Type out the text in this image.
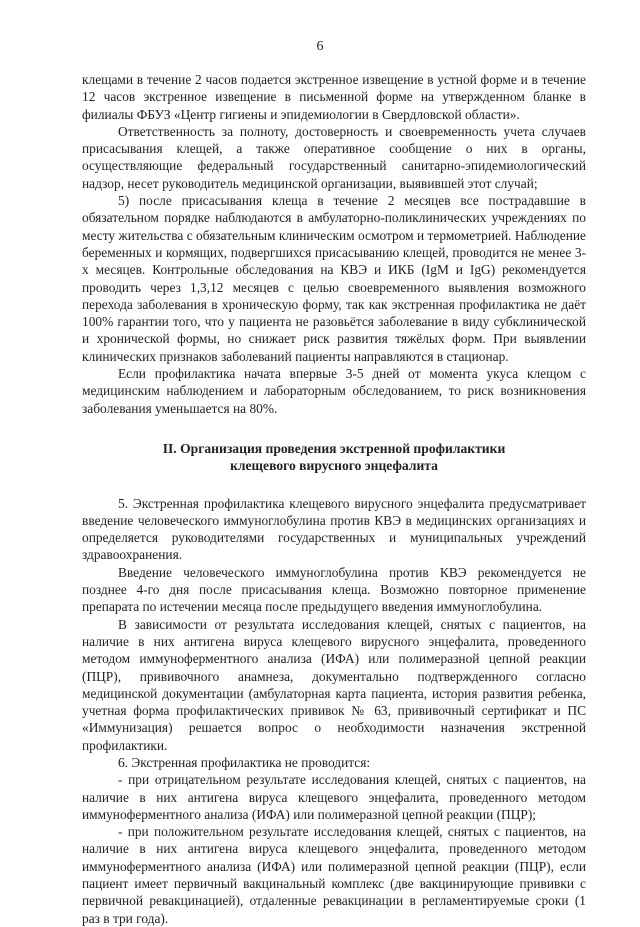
6

клещами в течение 2 часов подается экстренное извещение в устной форме и в течение 12 часов экстренное извещение в письменной форме на утвержденном бланке в филиалы ФБУЗ «Центр гигиены и эпидемиологии в Свердловской области».

Ответственность за полноту, достоверность и своевременность учета случаев присасывания клещей, а также оперативное сообщение о них в органы, осуществляющие федеральный государственный санитарно-эпидемиологический надзор, несет руководитель медицинской организации, выявившей этот случай;

5) после присасывания клеща в течение 2 месяцев все пострадавшие в обязательном порядке наблюдаются в амбулаторно-поликлинических учреждениях по месту жительства с обязательным клиническим осмотром и термометрией. Наблюдение беременных и кормящих, подвергшихся присасыванию клещей, проводится не менее 3-х месяцев. Контрольные обследования на КВЭ и ИКБ (IgM и IgG) рекомендуется проводить через 1,3,12 месяцев с целью своевременного выявления возможного перехода заболевания в хроническую форму, так как экстренная профилактика не даёт 100% гарантии того, что у пациента не разовьётся заболевание в виду субклинической и хронической формы, но снижает риск развития тяжёлых форм. При выявлении клинических признаков заболеваний пациенты направляются в стационар.

Если профилактика начата впервые 3-5 дней от момента укуса клещом с медицинским наблюдением и лабораторным обследованием, то риск возникновения заболевания уменьшается на 80%.

II. Организация проведения экстренной профилактики
клещевого вирусного энцефалита

5. Экстренная профилактика клещевого вирусного энцефалита предусматривает введение человеческого иммуноглобулина против КВЭ в медицинских организациях и определяется руководителями государственных и муниципальных учреждений здравоохранения.

Введение человеческого иммуноглобулина против КВЭ рекомендуется не позднее 4-го дня после присасывания клеща. Возможно повторное применение препарата по истечении месяца после предыдущего введения иммуноглобулина.

В зависимости от результата исследования клещей, снятых с пациентов, на наличие в них антигена вируса клещевого вирусного энцефалита, проведенного методом иммуноферментного анализа (ИФА) или полимеразной цепной реакции (ПЦР), прививочного анамнеза, документально подтвержденного согласно медицинской документации (амбулаторная карта пациента, история развития ребенка, учетная форма профилактических прививок № 63, прививочный сертификат и ПС «Иммунизация) решается вопрос о необходимости назначения экстренной профилактики.

6. Экстренная профилактика не проводится:

- при отрицательном результате исследования клещей, снятых с пациентов, на наличие в них антигена вируса клещевого энцефалита, проведенного методом иммуноферментного анализа (ИФА) или полимеразной цепной реакции (ПЦР);

- при положительном результате исследования клещей, снятых с пациентов, на наличие в них антигена вируса клещевого энцефалита, проведенного методом иммуноферментного анализа (ИФА) или полимеразной цепной реакции (ПЦР), если пациент имеет первичный вакцинальный комплекс (две вакцинирующие прививки с первичной ревакцинацией), отдаленные ревакцинации в регламентируемые сроки (1 раз в три года).
